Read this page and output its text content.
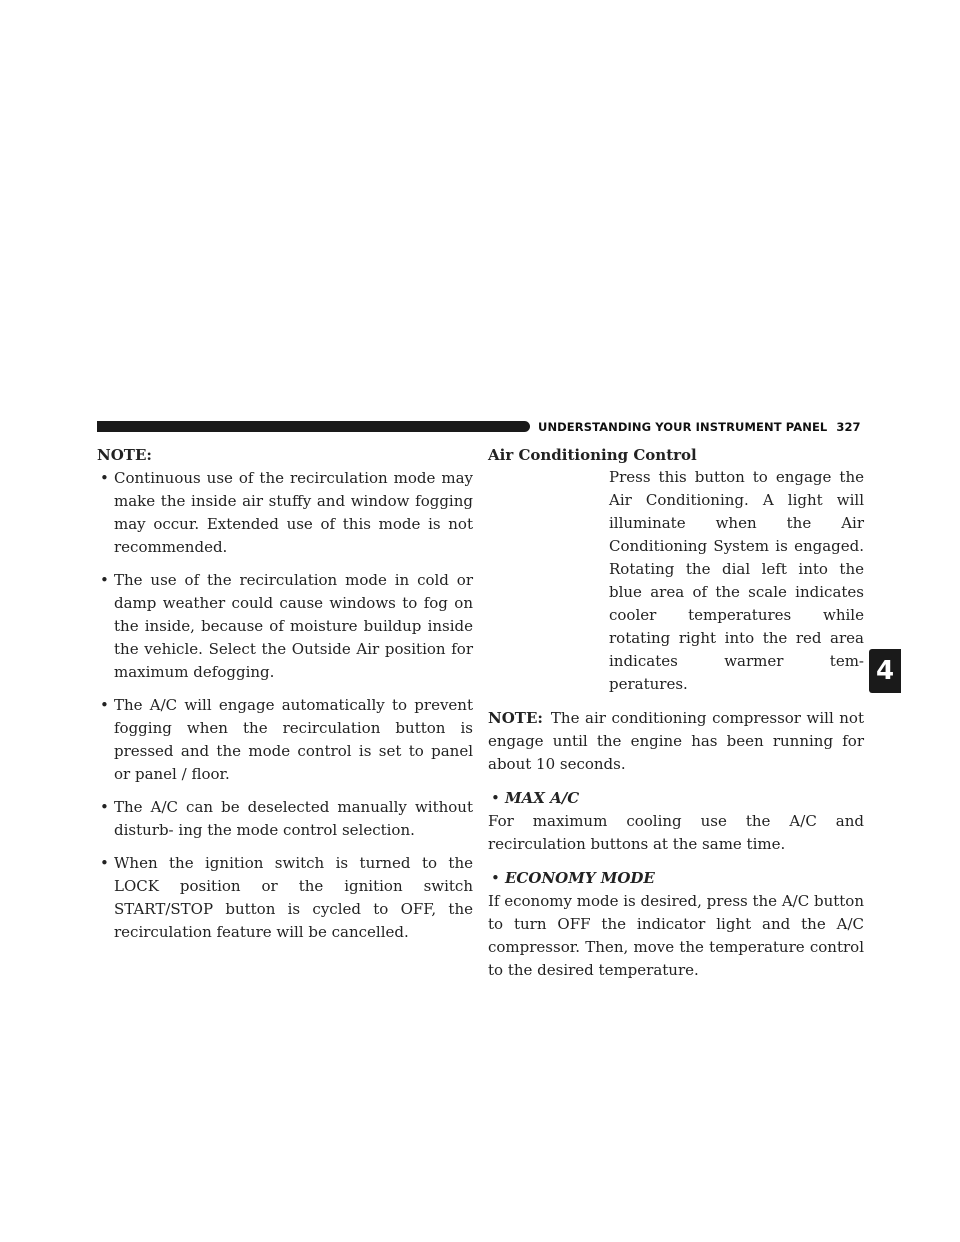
UNDERSTANDING YOUR INSTRUMENT PANEL 327
4
NOTE:
• Continuous use of the recirculation mode may make the inside air stuffy and window fogging may occur. Extended use of this mode is not recommended.
• The use of the recirculation mode in cold or damp weather could cause windows to fog on the inside, because of moisture buildup inside the vehicle. Select the Outside Air position for maximum defogging.
• The A/C will engage automatically to prevent fogging when the recirculation button is pressed and the mode control is set to panel or panel / floor.
• The A/C can be deselected manually without disturb- ing the mode control selection.
• When the ignition switch is turned to the LOCK position or the ignition switch START/STOP button is cycled to OFF, the recirculation feature will be cancelled.
Air Conditioning Control
Press this button to engage the Air Conditioning. A light will illuminate when the Air Conditioning System is engaged. Rotating the dial left into the blue area of the scale indicates cooler temperatures while rotating right into the red area indicates warmer tem- peratures.
NOTE: The air conditioning compressor will not engage until the engine has been running for about 10 seconds.
• MAX A/C
For maximum cooling use the A/C and recirculation buttons at the same time.
• ECONOMY MODE
If economy mode is desired, press the A/C button to turn OFF the indicator light and the A/C compressor. Then, move the temperature control to the desired temperature.
